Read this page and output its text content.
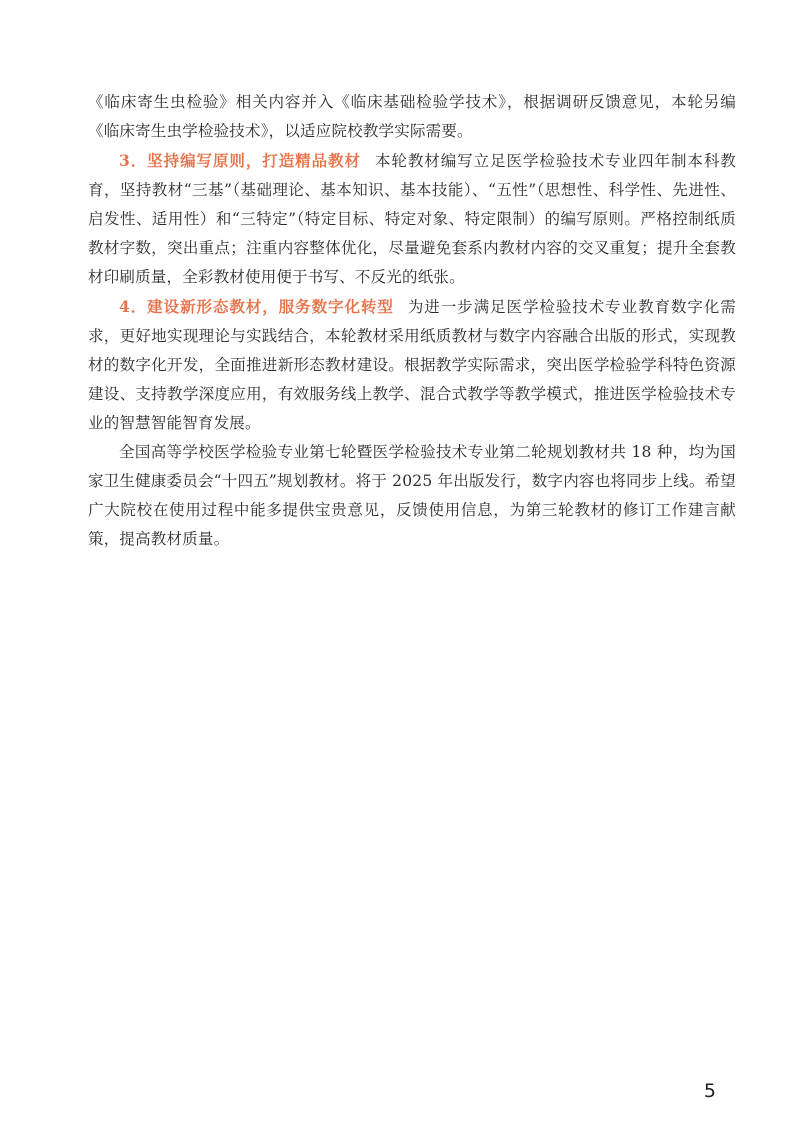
《临床寄生虫检验》相关内容并入《临床基础检验学技术》，根据调研反馈意见，本轮另编《临床寄生虫学检验技术》，以适应院校教学实际需要。

3．坚持编写原则，打造精品教材 本轮教材编写立足医学检验技术专业四年制本科教育，坚持教材“三基”（基础理论、基本知识、基本技能）、“五性”（思想性、科学性、先进性、启发性、适用性）和“三特定”（特定目标、特定对象、特定限制）的编写原则。严格控制纸质教材字数，突出重点；注重内容整体优化，尽量避免套系内教材内容的交叉重复；提升全套教材印刷质量，全彩教材使用便于书写、不反光的纸张。

4．建设新形态教材，服务数字化转型 为进一步满足医学检验技术专业教育数字化需求，更好地实现理论与实践结合，本轮教材采用纸质教材与数字内容融合出版的形式，实现教材的数字化开发，全面推进新形态教材建设。根据教学实际需求，突出医学检验学科特色资源建设、支持教学深度应用，有效服务线上教学、混合式教学等教学模式，推进医学检验技术专业的智慧智能智育发展。

全国高等学校医学检验专业第七轮暨医学检验技术专业第二轮规划教材共 18 种，均为国家卫生健康委员会“十四五”规划教材。将于 2025 年出版发行，数字内容也将同步上线。希望广大院校在使用过程中能多提供宝贵意见，反馈使用信息，为第三轮教材的修订工作建言献策，提高教材质量。

5
